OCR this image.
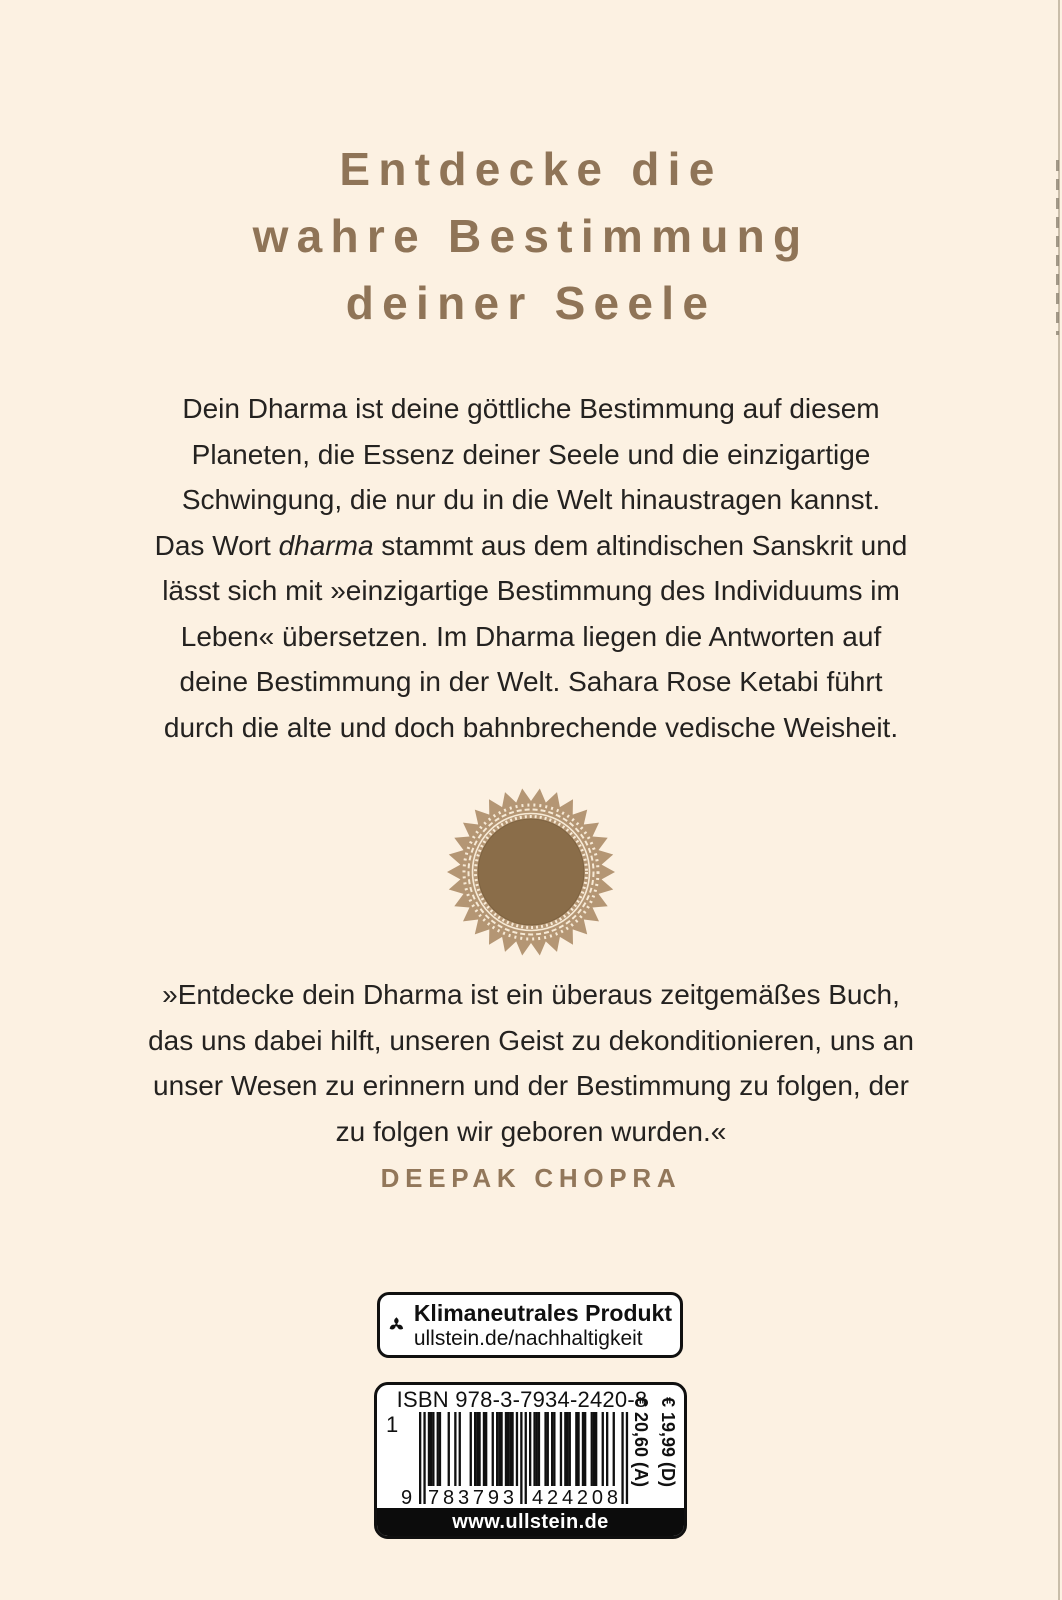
Entdecke die
wahre Bestimmung
deiner Seele
Dein Dharma ist deine göttliche Bestimmung auf diesem
Planeten, die Essenz deiner Seele und die einzigartige
Schwingung, die nur du in die Welt hinaustragen kannst.
Das Wort dharma stammt aus dem altindischen Sanskrit und
lässt sich mit »einzigartige Bestimmung des Individuums im
Leben« übersetzen. Im Dharma liegen die Antworten auf
deine Bestimmung in der Welt. Sahara Rose Ketabi führt
durch die alte und doch bahnbrechende vedische Weisheit.
»Entdecke dein Dharma ist ein überaus zeitgemäßes Buch,
das uns dabei hilft, unseren Geist zu dekonditionieren, uns an
unser Wesen zu erinnern und der Bestimmung zu folgen, der
zu folgen wir geboren wurden.«
DEEPAK CHOPRA
Klimaneutrales Produkt
ullstein.de/nachhaltigkeit
ISBN 978-3-7934-2420-8
1
9 783793 424208
€ 19,99 (D)
€ 20,60 (A)
www.ullstein.de
